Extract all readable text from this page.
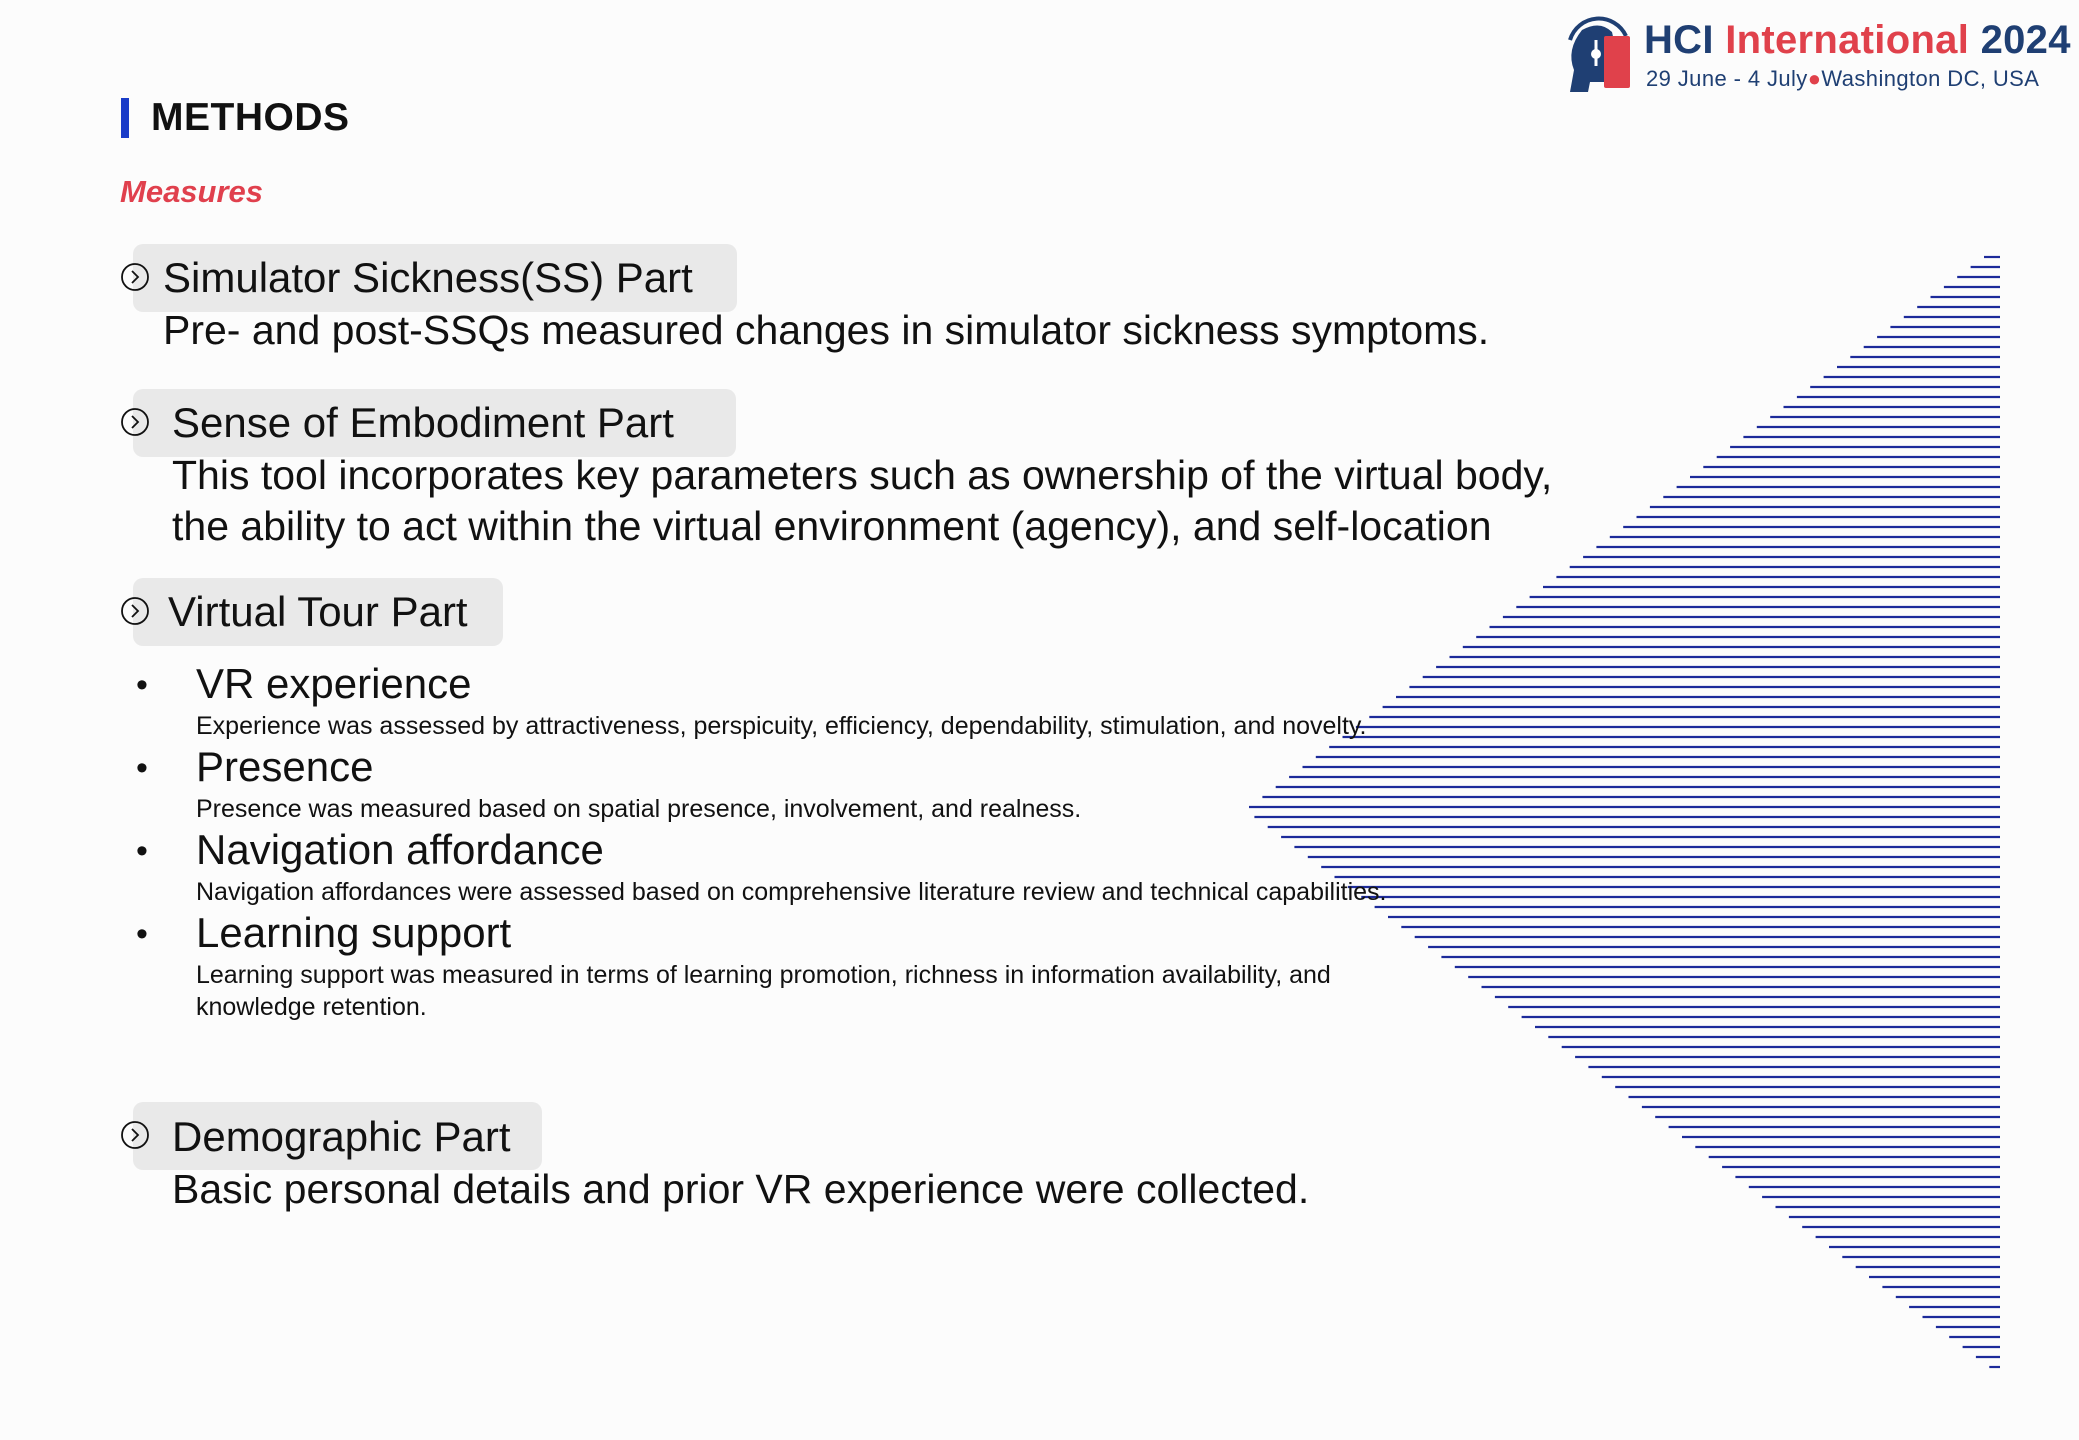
HCI International 2024
29 June - 4 July●Washington DC, USA
METHODS
Measures
Simulator Sickness(SS) Part
Pre- and post-SSQs measured changes in simulator sickness symptoms.
Sense of Embodiment Part
This tool incorporates key parameters such as ownership of the virtual body,
the ability to act within the virtual environment (agency), and self-location
Virtual Tour Part
• VR experience
Experience was assessed by attractiveness, perspicuity, efficiency, dependability, stimulation, and novelty.
• Presence
Presence was measured based on spatial presence, involvement, and realness.
• Navigation affordance
Navigation affordances were assessed based on comprehensive literature review and technical capabilities.
• Learning support
Learning support was measured in terms of learning promotion, richness in information availability, and
knowledge retention.
Demographic Part
Basic personal details and prior VR experience were collected.
